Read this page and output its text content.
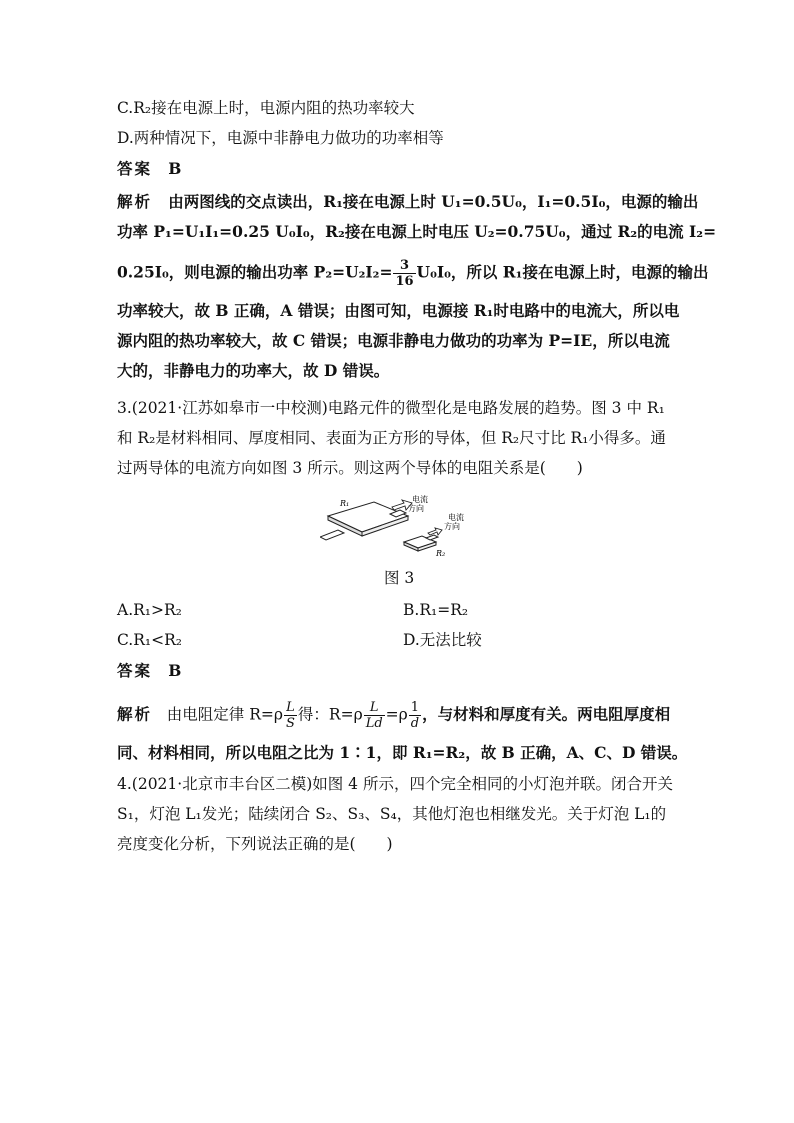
C.R₂接在电源上时，电源内阻的热功率较大
D.两种情况下，电源中非静电力做功的功率相等
答案 B
解析 由两图线的交点读出，R₁接在电源上时 U₁=0.5U₀，I₁=0.5I₀，电源的输出
功率 P₁=U₁I₁=0.25 U₀I₀，R₂接在电源上时电压 U₂=0.75U₀，通过 R₂的电流 I₂=
0.25I₀，则电源的输出功率 $P_2=U_2I_2= \frac{3}{16} U_0I_0$，所以 R₁接在电源上时，电源的输出
功率较大，故 B 正确，A 错误；由图可知，电源接 R₁时电路中的电流大，所以电
源内阻的热功率较大，故 C 错误；电源非静电力做功的功率为 P=IE，所以电流
大的，非静电力的功率大，故 D 错误。
3.(2021·江苏如皋市一中校测)电路元件的微型化是电路发展的趋势。图 3 中 R₁
和 R₂是材料相同、厚度相同、表面为正方形的导体，但 R₂尺寸比 R₁小得多。通
过两导体的电流方向如图 3 所示。则这两个导体的电阻关系是(　　)
R₁
R₂
电流
方向
电流
方向
图 3
A.R₁>R₂	B.R₁=R₂
C.R₁<R₂	D.无法比较
答案 B
解析 由电阻定律 $R=\rho \frac{L}{S}$ 得：$R=\rho \frac{L}{Ld} =\rho \frac{1}{d}$ ，与材料和厚度有关。两电阻厚度相
同、材料相同，所以电阻之比为 1∶1，即 R₁=R₂，故 B 正确，A、C、D 错误。
4.(2021·北京市丰台区二模)如图 4 所示，四个完全相同的小灯泡并联。闭合开关
S₁，灯泡 L₁发光；陆续闭合 S₂、S₃、S₄，其他灯泡也相继发光。关于灯泡 L₁的
亮度变化分析，下列说法正确的是(　　)
